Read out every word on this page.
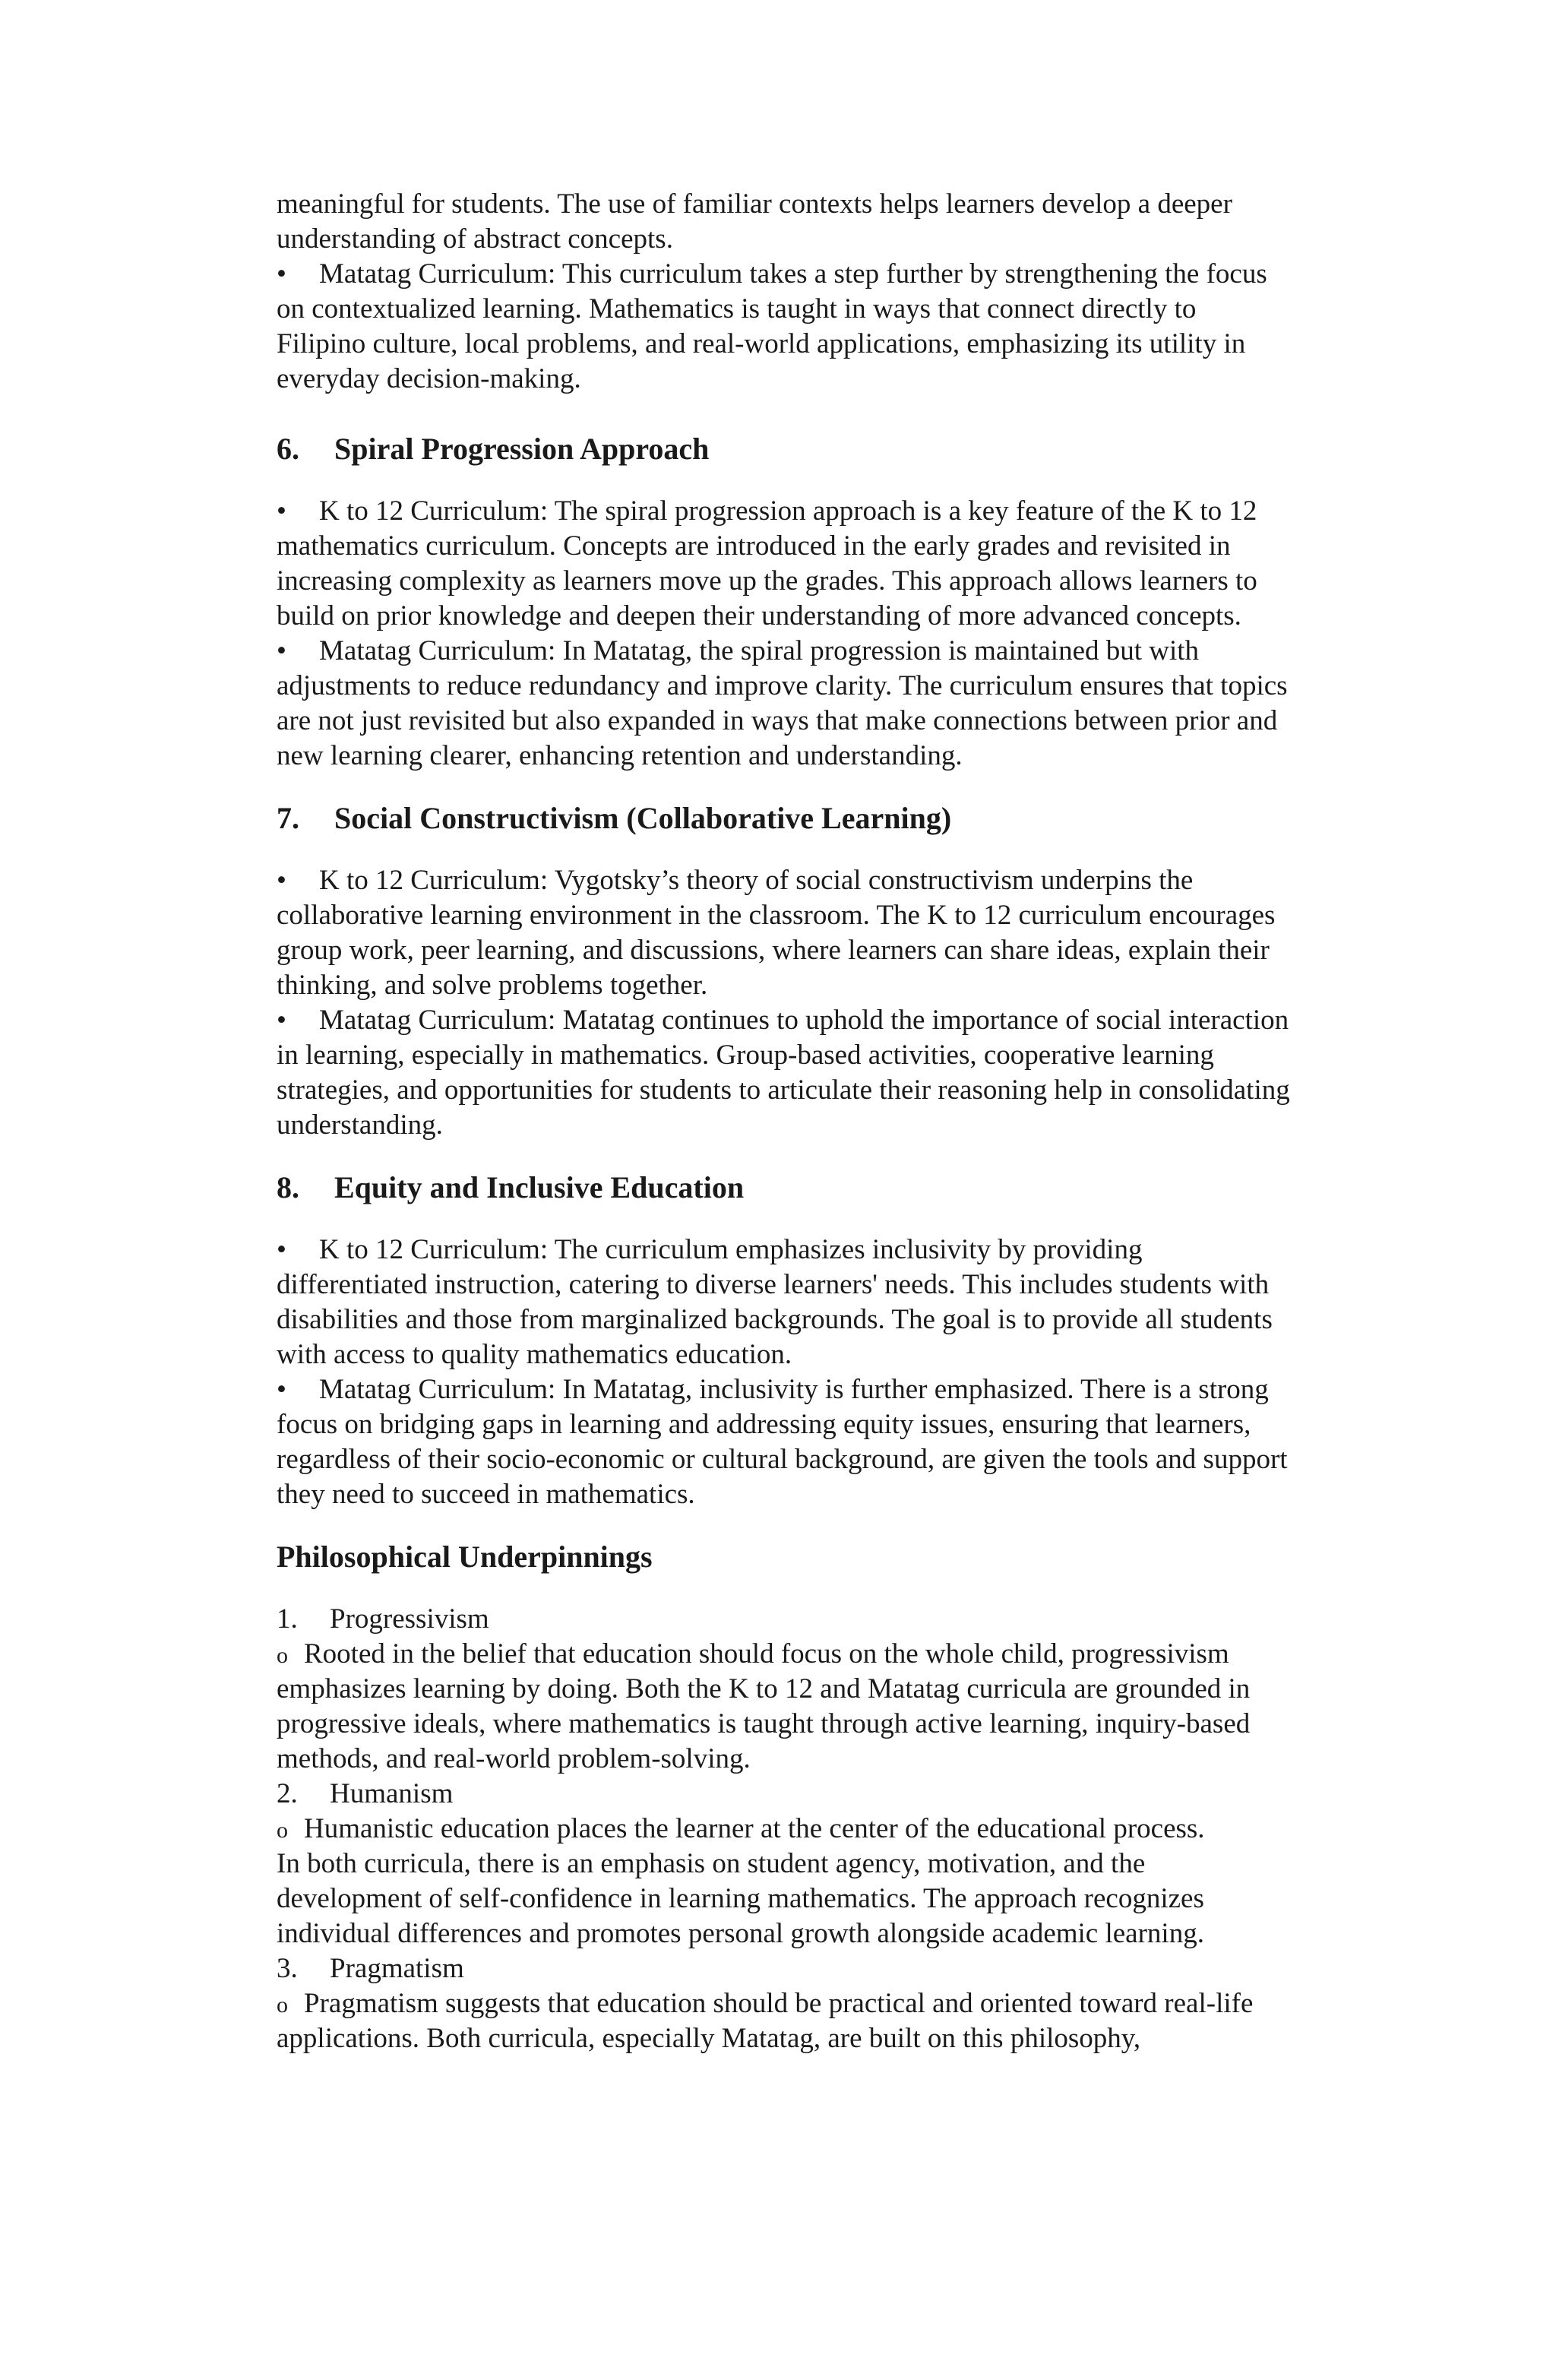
meaningful for students. The use of familiar contexts helps learners develop a deeper

understanding of abstract concepts.

• Matatag Curriculum: This curriculum takes a step further by strengthening the focus

on contextualized learning. Mathematics is taught in ways that connect directly to

Filipino culture, local problems, and real-world applications, emphasizing its utility in

everyday decision-making.

6. Spiral Progression Approach

• K to 12 Curriculum: The spiral progression approach is a key feature of the K to 12

mathematics curriculum. Concepts are introduced in the early grades and revisited in

increasing complexity as learners move up the grades. This approach allows learners to

build on prior knowledge and deepen their understanding of more advanced concepts.

• Matatag Curriculum: In Matatag, the spiral progression is maintained but with

adjustments to reduce redundancy and improve clarity. The curriculum ensures that topics

are not just revisited but also expanded in ways that make connections between prior and

new learning clearer, enhancing retention and understanding.

7. Social Constructivism (Collaborative Learning)

• K to 12 Curriculum: Vygotsky’s theory of social constructivism underpins the

collaborative learning environment in the classroom. The K to 12 curriculum encourages

group work, peer learning, and discussions, where learners can share ideas, explain their

thinking, and solve problems together.

• Matatag Curriculum: Matatag continues to uphold the importance of social interaction

in learning, especially in mathematics. Group-based activities, cooperative learning

strategies, and opportunities for students to articulate their reasoning help in consolidating

understanding.

8. Equity and Inclusive Education

• K to 12 Curriculum: The curriculum emphasizes inclusivity by providing

differentiated instruction, catering to diverse learners' needs. This includes students with

disabilities and those from marginalized backgrounds. The goal is to provide all students

with access to quality mathematics education.

• Matatag Curriculum: In Matatag, inclusivity is further emphasized. There is a strong

focus on bridging gaps in learning and addressing equity issues, ensuring that learners,

regardless of their socio-economic or cultural background, are given the tools and support

they need to succeed in mathematics.

Philosophical Underpinnings

1. Progressivism

o Rooted in the belief that education should focus on the whole child, progressivism

emphasizes learning by doing. Both the K to 12 and Matatag curricula are grounded in

progressive ideals, where mathematics is taught through active learning, inquiry-based

methods, and real-world problem-solving.

2. Humanism

o Humanistic education places the learner at the center of the educational process.

In both curricula, there is an emphasis on student agency, motivation, and the

development of self-confidence in learning mathematics. The approach recognizes

individual differences and promotes personal growth alongside academic learning.

3. Pragmatism

o Pragmatism suggests that education should be practical and oriented toward real-life

applications. Both curricula, especially Matatag, are built on this philosophy,
